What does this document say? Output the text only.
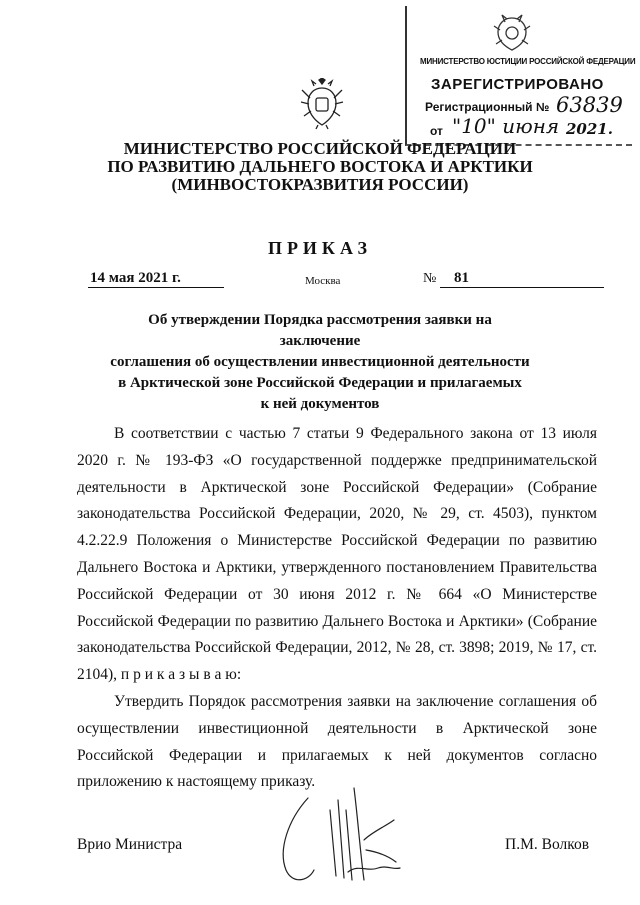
МИНИСТЕРСТВО ЮСТИЦИИ РОССИЙСКОЙ ФЕДЕРАЦИИ
ЗАРЕГИСТРИРОВАНО
Регистрационный № 63839
от "10" июня 2021.
МИНИСТЕРСТВО РОССИЙСКОЙ ФЕДЕРАЦИИ
ПО РАЗВИТИЮ ДАЛЬНЕГО ВОСТОКА И АРКТИКИ
(МИНВОСТОКРАЗВИТИЯ РОССИИ)
ПРИКАЗ
14 мая 2021 г.	Москва	№	81
Об утверждении Порядка рассмотрения заявки на заключение
соглашения об осуществлении инвестиционной деятельности
в Арктической зоне Российской Федерации и прилагаемых
к ней документов

В соответствии с частью 7 статьи 9 Федерального закона от 13 июля 2020 г. № 193-ФЗ «О государственной поддержке предпринимательской деятельности в Арктической зоне Российской Федерации» (Собрание законодательства Российской Федерации, 2020, № 29, ст. 4503), пунктом 4.2.22.9 Положения о Министерстве Российской Федерации по развитию Дальнего Востока и Арктики, утвержденного постановлением Правительства Российской Федерации от 30 июня 2012 г. № 664 «О Министерстве Российской Федерации по развитию Дальнего Востока и Арктики» (Собрание законодательства Российской Федерации, 2012, № 28, ст. 3898; 2019, № 17, ст. 2104), п р и к а з ы в а ю:

Утвердить Порядок рассмотрения заявки на заключение соглашения об осуществлении инвестиционной деятельности в Арктической зоне Российской Федерации и прилагаемых к ней документов согласно приложению к настоящему приказу.

Врио Министра	П.М. Волков
